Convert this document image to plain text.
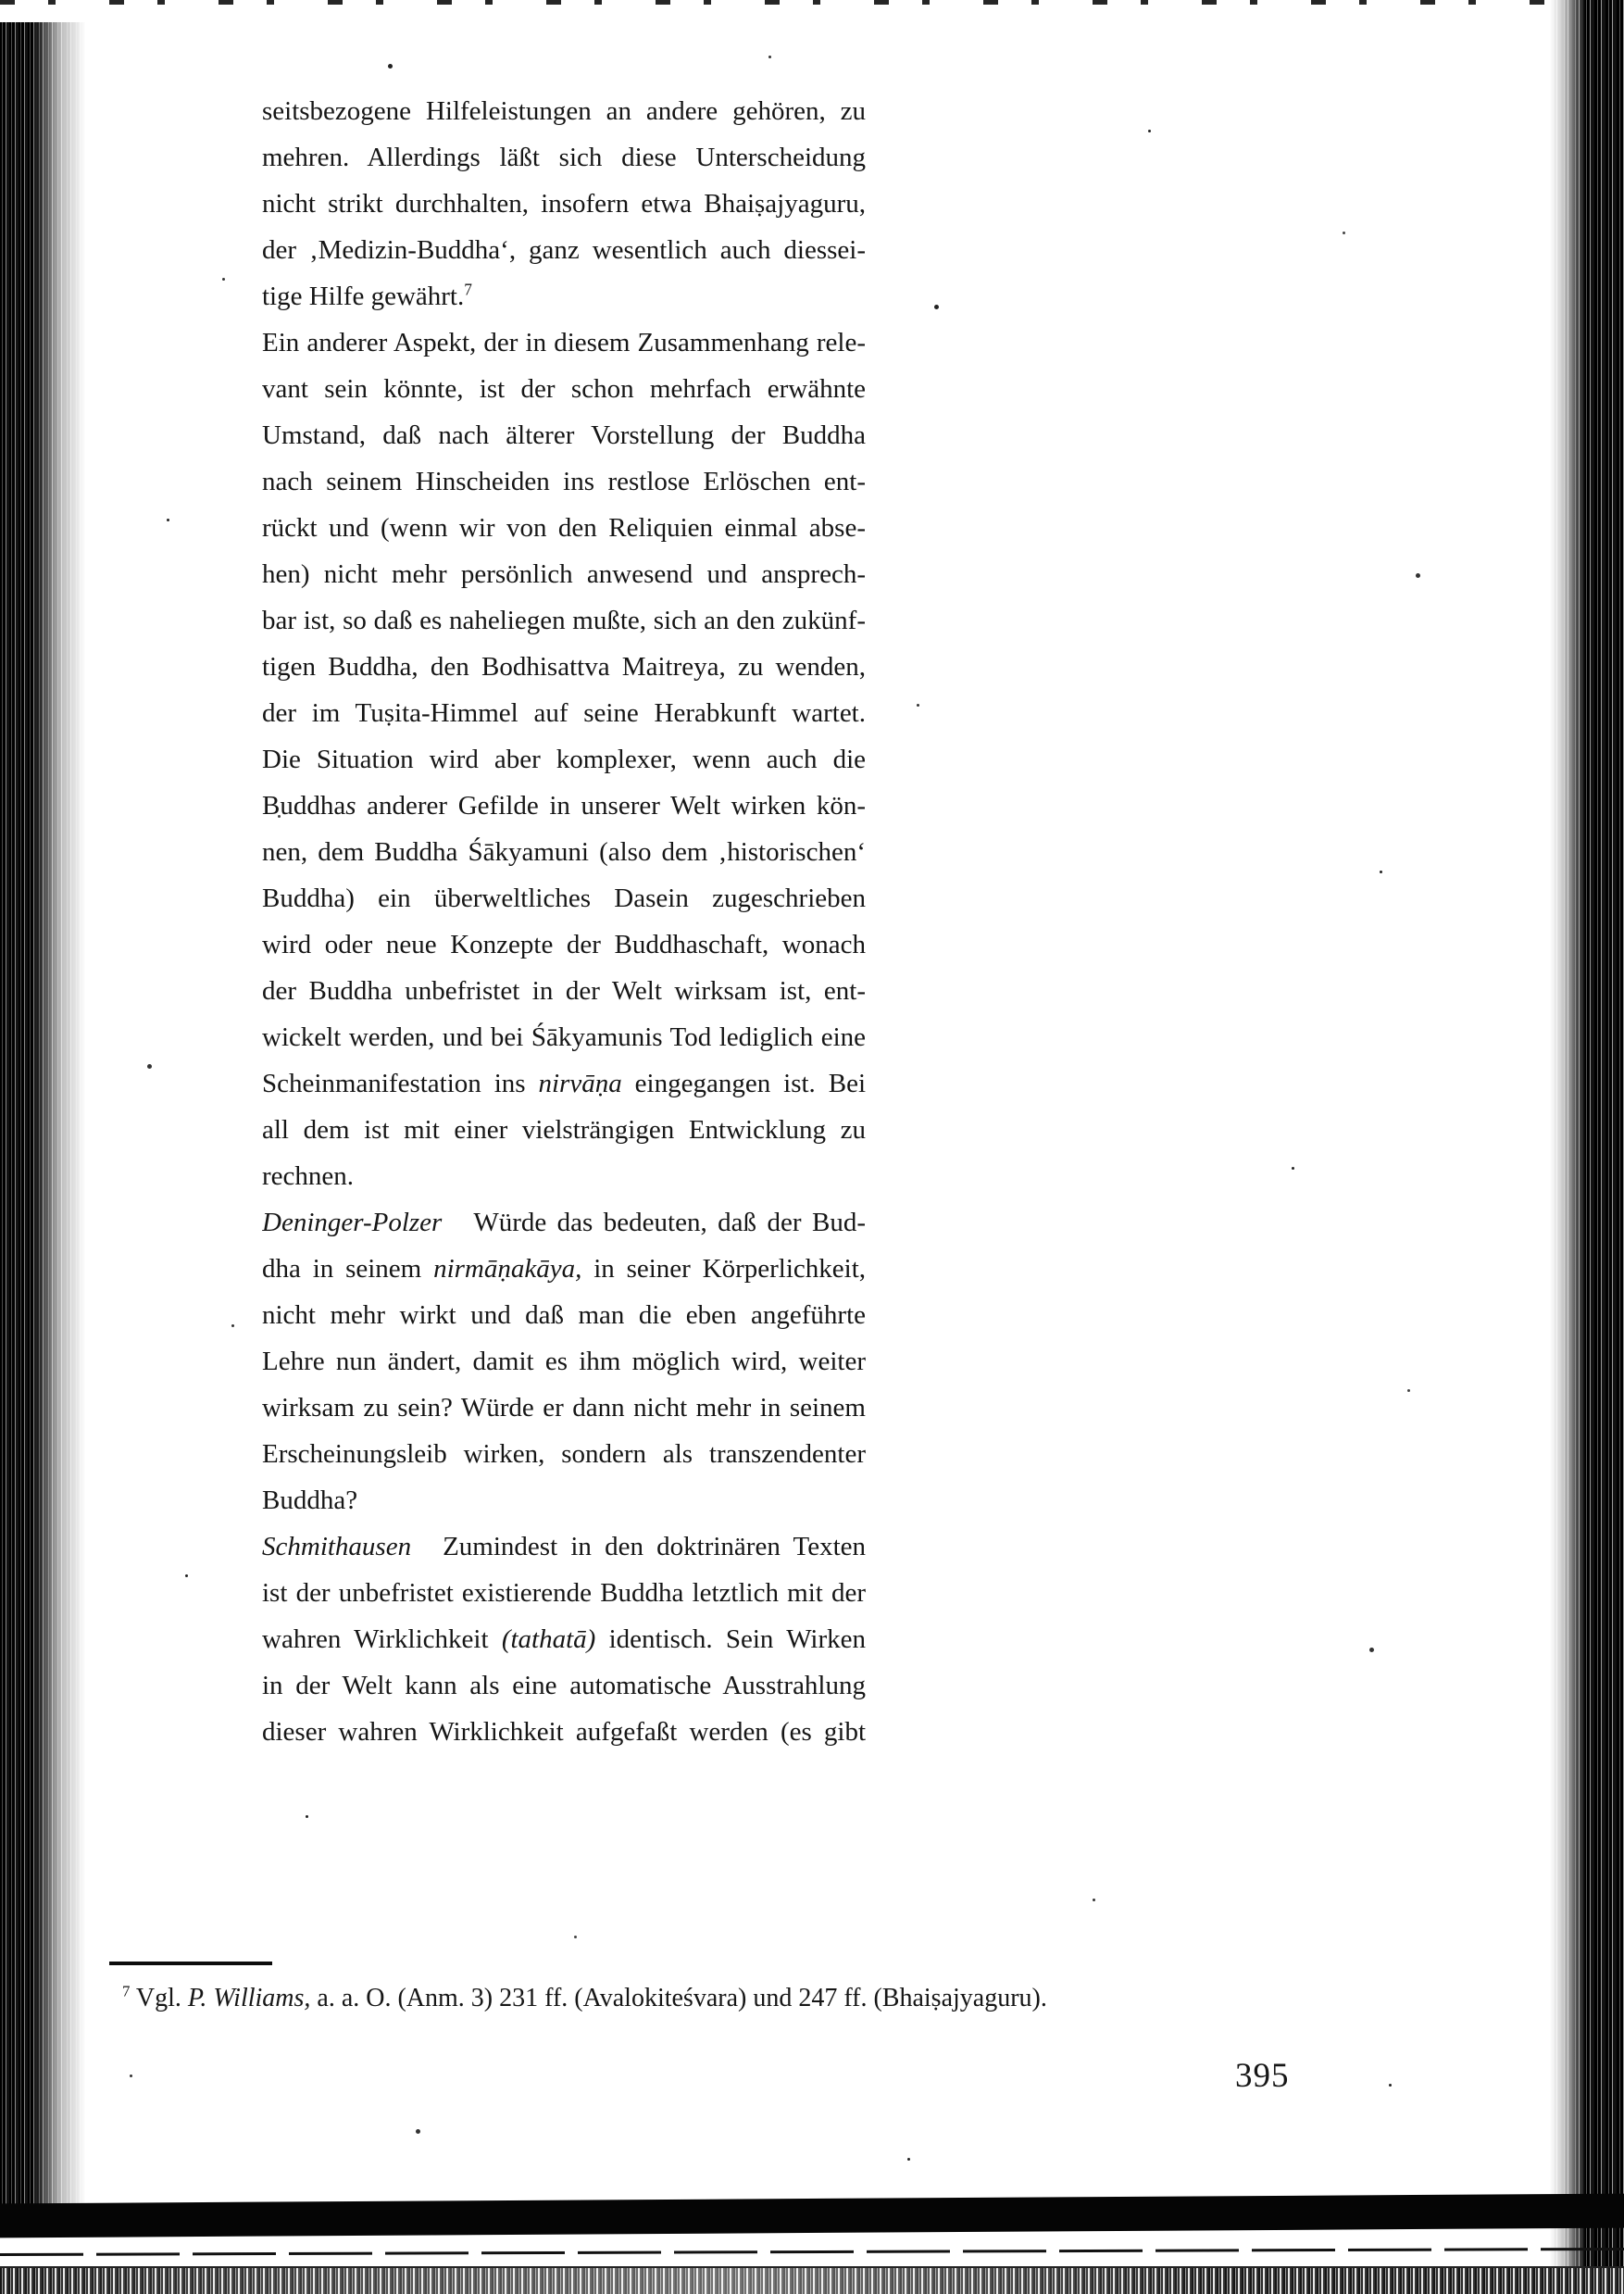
seitsbezogene Hilfeleistungen an andere gehören, zu
mehren. Allerdings läßt sich diese Unterscheidung
nicht strikt durchhalten, insofern etwa Bhaiṣajyaguru,
der ‚Medizin-Buddha‘, ganz wesentlich auch diessei-
tige Hilfe gewährt.$^7$
Ein anderer Aspekt, der in diesem Zusammenhang rele-
vant sein könnte, ist der schon mehrfach erwähnte
Umstand, daß nach älterer Vorstellung der Buddha
nach seinem Hinscheiden ins restlose Erlöschen ent-
rückt und (wenn wir von den Reliquien einmal abse-
hen) nicht mehr persönlich anwesend und ansprech-
bar ist, so daß es naheliegen mußte, sich an den zukünf-
tigen Buddha, den Bodhisattva Maitreya, zu wenden,
der im Tuṣita-Himmel auf seine Herabkunft wartet.
Die Situation wird aber komplexer, wenn auch die
Buddhas anderer Gefilde in unserer Welt wirken kön-
nen, dem Buddha Śākyamuni (also dem ‚historischen‘
Buddha) ein überweltliches Dasein zugeschrieben
wird oder neue Konzepte der Buddhaschaft, wonach
der Buddha unbefristet in der Welt wirksam ist, ent-
wickelt werden, und bei Śākyamunis Tod lediglich eine
Scheinmanifestation ins nirvāṇa eingegangen ist. Bei
all dem ist mit einer vielsträngigen Entwicklung zu
rechnen.
Deninger-Polzer Würde das bedeuten, daß der Bud-
dha in seinem nirmāṇakāya, in seiner Körperlichkeit,
nicht mehr wirkt und daß man die eben angeführte
Lehre nun ändert, damit es ihm möglich wird, weiter
wirksam zu sein? Würde er dann nicht mehr in seinem
Erscheinungsleib wirken, sondern als transzendenter
Buddha?
Schmithausen Zumindest in den doktrinären Texten
ist der unbefristet existierende Buddha letztlich mit der
wahren Wirklichkeit (tathatā) identisch. Sein Wirken
in der Welt kann als eine automatische Ausstrahlung
dieser wahren Wirklichkeit aufgefaßt werden (es gibt
$^7$ Vgl. P. Williams, a. a. O. (Anm. 3) 231 ff. (Avalokiteśvara) und 247 ff. (Bhaiṣajyaguru).
395
